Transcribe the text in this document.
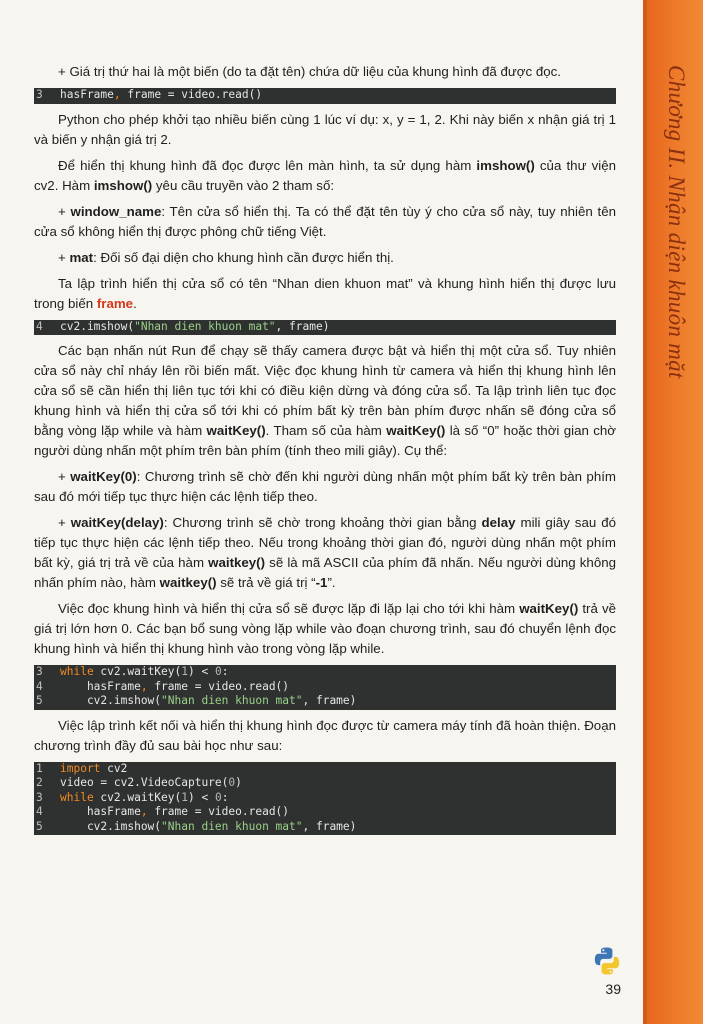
Chương II. Nhận diện khuôn mặt

+ Giá trị thứ hai là một biến (do ta đặt tên) chứa dữ liệu của khung hình đã được đọc.

3	hasFrame, frame = video.read()

Python cho phép khởi tạo nhiều biến cùng 1 lúc ví dụ: x, y = 1, 2. Khi này biến x nhận giá trị 1 và biến y nhận giá trị 2.

Để hiển thị khung hình đã đọc được lên màn hình, ta sử dụng hàm imshow() của thư viện cv2. Hàm imshow() yêu cầu truyền vào 2 tham số:

+ window_name: Tên cửa sổ hiển thị. Ta có thể đặt tên tùy ý cho cửa sổ này, tuy nhiên tên cửa sổ không hiển thị được phông chữ tiếng Việt.

+ mat: Đối số đại diện cho khung hình cần được hiển thị.

Ta lập trình hiển thị cửa sổ có tên “Nhan dien khuon mat” và khung hình hiển thị được lưu trong biến frame.

4	cv2.imshow("Nhan dien khuon mat", frame)

Các bạn nhấn nút Run để chạy sẽ thấy camera được bật và hiển thị một cửa sổ. Tuy nhiên cửa sổ này chỉ nháy lên rồi biến mất. Việc đọc khung hình từ camera và hiển thị khung hình lên cửa sổ sẽ cần hiển thị liên tục tới khi có điều kiện dừng và đóng cửa sổ. Ta lập trình liên tục đọc khung hình và hiển thị cửa sổ tới khi có phím bất kỳ trên bàn phím được nhấn sẽ đóng cửa sổ bằng vòng lặp while và hàm waitKey(). Tham số của hàm waitKey() là số “0” hoặc thời gian chờ người dùng nhấn một phím trên bàn phím (tính theo mili giây). Cụ thể:

+ waitKey(0): Chương trình sẽ chờ đến khi người dùng nhấn một phím bất kỳ trên bàn phím sau đó mới tiếp tục thực hiện các lệnh tiếp theo.

+ waitKey(delay): Chương trình sẽ chờ trong khoảng thời gian bằng delay mili giây sau đó tiếp tục thực hiện các lệnh tiếp theo. Nếu trong khoảng thời gian đó, người dùng nhấn một phím bất kỳ, giá trị trả về của hàm waitkey() sẽ là mã ASCII của phím đã nhấn. Nếu người dùng không nhấn phím nào, hàm waitkey() sẽ trả về giá trị “-1”.

Việc đọc khung hình và hiển thị cửa sổ sẽ được lặp đi lặp lại cho tới khi hàm waitKey() trả về giá trị lớn hơn 0. Các bạn bổ sung vòng lặp while vào đoạn chương trình, sau đó chuyển lệnh đọc khung hình và hiển thị khung hình vào trong vòng lặp while.

3	while cv2.waitKey(1) < 0:
4	hasFrame, frame = video.read()
5	cv2.imshow("Nhan dien khuon mat", frame)

Việc lập trình kết nối và hiển thị khung hình đọc được từ camera máy tính đã hoàn thiện. Đoạn chương trình đầy đủ sau bài học như sau:

1	import cv2
2	video = cv2.VideoCapture(0)
3	while cv2.waitKey(1) < 0:
4	hasFrame, frame = video.read()
5	cv2.imshow("Nhan dien khuon mat", frame)
39
